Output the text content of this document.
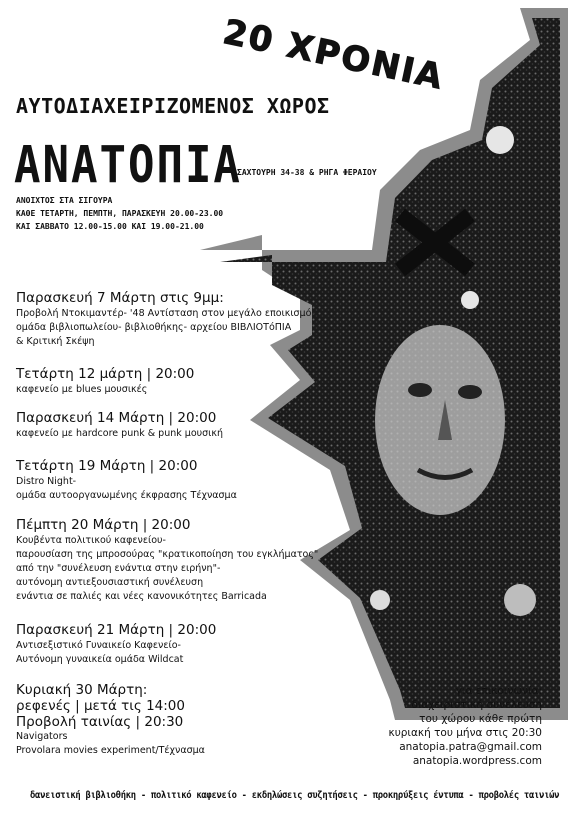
20 ΧΡΟΝΙΑ
ΑΥΤΟΔΙΑΧΕΙΡΙΖΟΜΕΝΟΣ ΧΩΡΟΣ
ΑΝΑΤΟΠΙΑ
ΣΑΧΤΟΥΡΗ 34-38 & ΡΗΓΑ ΦΕΡΑΙΟΥ
ΑΝΟΙΧΤΟΣ ΣΤΑ ΣΙΓΟΥΡΑ
ΚΑΘΕ ΤΕΤΑΡΤΗ, ΠΕΜΠΤΗ, ΠΑΡΑΣΚΕΥΗ 20.00-23.00
ΚΑΙ ΣΑΒΒΑΤΟ 12.00-15.00 ΚΑΙ 19.00-21.00
Παρασκευή 7 Μάρτη στις 9μμ:
Προβολή Ντοκιμαντέρ- '48 Αντίσταση στον μεγάλο εποικισμό-
ομάδα βιβλιοπωλείου- βιβλιοθήκης- αρχείου ΒΙΒΛΙΟΤόΠΙΑ
& Κριτική Σκέψη
Τετάρτη 12 μάρτη | 20:00
καφενείο με blues μουσικές
Παρασκευή 14 Μάρτη | 20:00
καφενείο με hardcore punk & punk μουσική
Τετάρτη 19 Μάρτη | 20:00
Distro Night-
ομάδα αυτοοργανωμένης έκφρασης Τέχνασμα
Πέμπτη 20 Μάρτη | 20:00
Κουβέντα πολιτικού καφενείου-
παρουσίαση της μπροσούρας "κρατικοποίηση του εγκλήματος"
από την "συνέλευση ενάντια στην ειρήνη"-
αυτόνομη αντιεξουσιαστική συνέλευση
ενάντια σε παλιές και νέες κανονικότητες Barricada
Παρασκευή 21 Μάρτη | 20:00
Αντισεξιστικό Γυναικείο Καφενείο-
Αυτόνομη γυναικεία ομάδα Wildcat
Κυριακή 30 Μάρτη:
ρεφενές | μετά τις 14:00
Προβολή ταινίας | 20:30
Navigators
Provolara movies experiment/Τέχνασμα
για επικοινωνία:
διαχειριστική συνέλευση
του χώρου κάθε πρώτη
κυριακή του μήνα στις 20:30
anatopia.patra@gmail.com
anatopia.wordpress.com
δανειστική βιβλιοθήκη - πολιτικό καφενείο - εκδηλώσεις συζητήσεις - προκηρύξεις έντυπα - προβολές ταινιών
